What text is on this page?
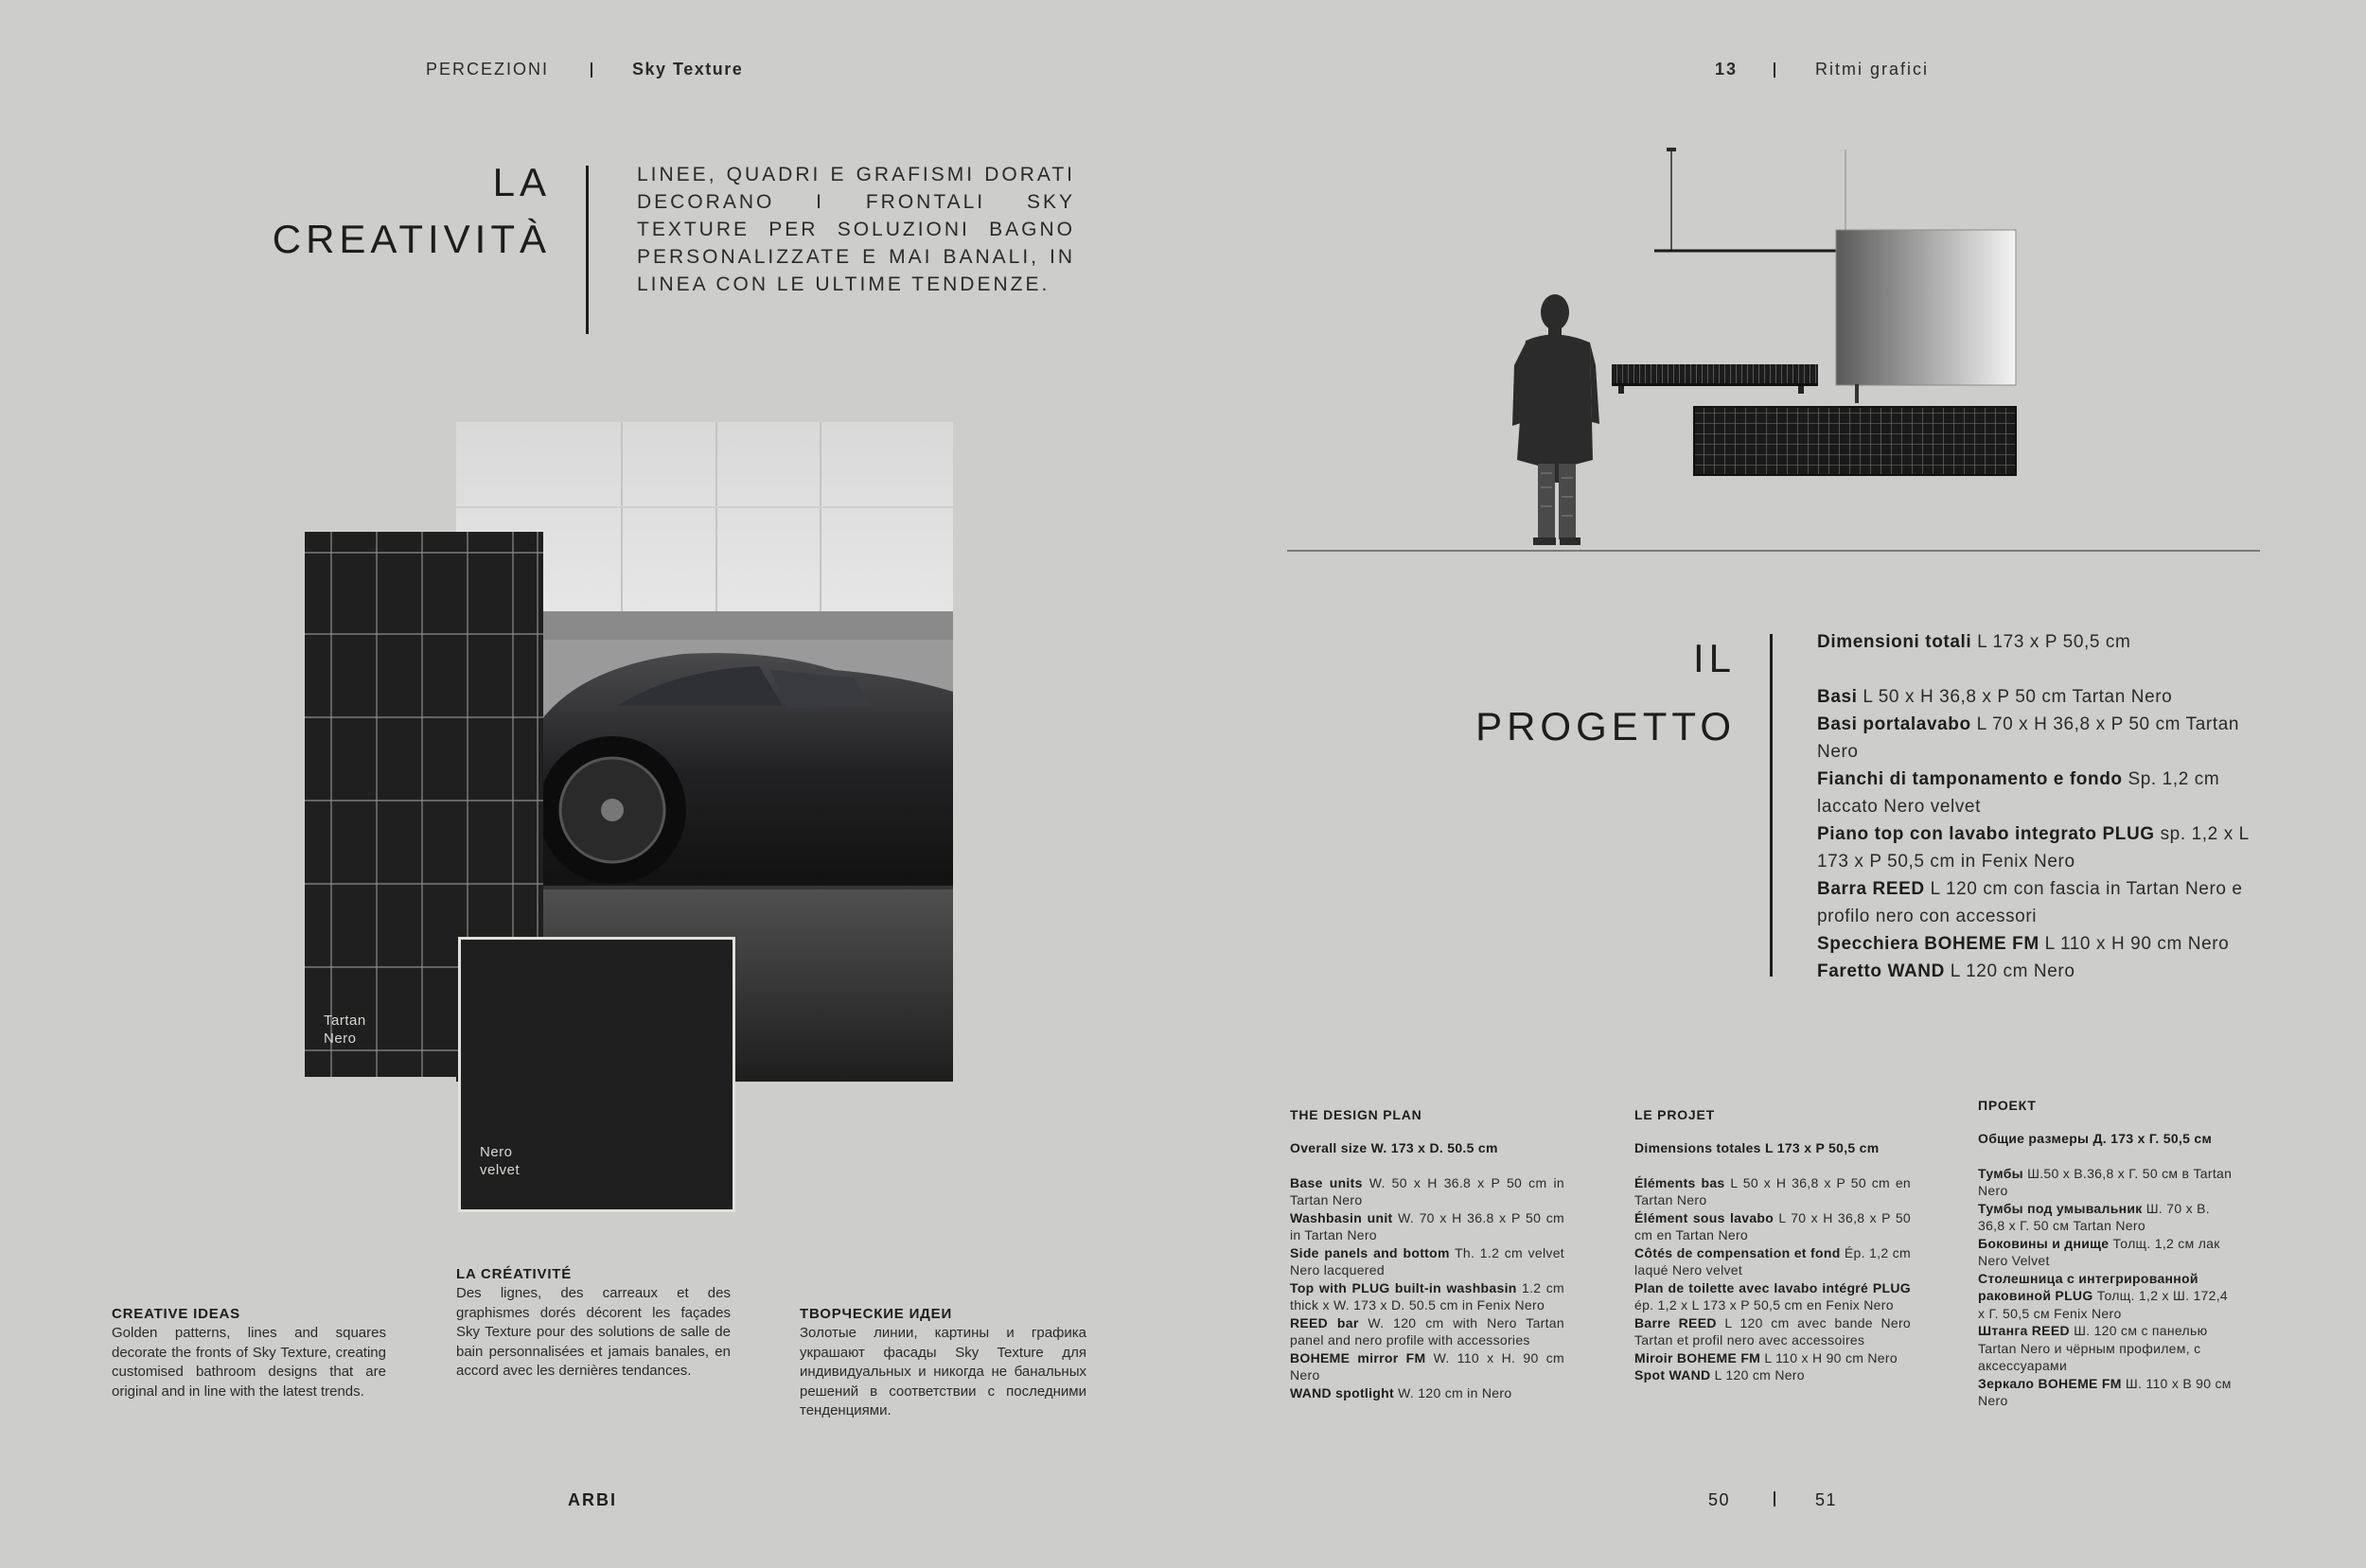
PERCEZIONI	Sky Texture	13	Ritmi grafici
LA
CREATIVITÀ
LINEE, QUADRI E GRAFISMI DORATI DECORANO I FRONTALI SKY TEXTURE PER SOLUZIONI BAGNO PERSONALIZZATE E MAI BANALI, IN LINEA CON LE ULTIME TENDENZE.
Tartan
Nero
Nero
velvet
CREATIVE IDEAS
Golden patterns, lines and squares decorate the fronts of Sky Texture, creating customised bathroom designs that are original and in line with the latest trends.
LA CRÉATIVITÉ
Des lignes, des carreaux et des graphismes dorés décorent les façades Sky Texture pour des solutions de salle de bain personnalisées et jamais banales, en accord avec les dernières tendances.
ТВОРЧЕСКИЕ ИДЕИ
Золотые линии, картины и графика украшают фасады Sky Texture для индивидуальных и никогда не банальных решений в соответствии с последними тенденциями.
ARBI
IL
PROGETTO
Dimensioni totali L 173 x P 50,5 cm
Basi L 50 x H 36,8 x P 50 cm Tartan Nero
Basi portalavabo L 70 x H 36,8 x P 50 cm Tartan Nero
Fianchi di tamponamento e fondo Sp. 1,2 cm laccato Nero velvet
Piano top con lavabo integrato PLUG sp. 1,2 x L 173 x P 50,5 cm in Fenix Nero
Barra REED L 120 cm con fascia in Tartan Nero e profilo nero con accessori
Specchiera BOHEME FM L 110 x H 90 cm Nero
Faretto WAND L 120 cm Nero
THE DESIGN PLAN
Overall size W. 173 x D. 50.5 cm
Base units W. 50 x H 36.8 x P 50 cm in Tartan Nero
Washbasin unit W. 70 x H 36.8 x P 50 cm in Tartan Nero
Side panels and bottom Th. 1.2 cm velvet Nero lacquered
Top with PLUG built-in washbasin 1.2 cm thick x W. 173 x D. 50.5 cm in Fenix Nero
REED bar W. 120 cm with Nero Tartan panel and nero profile with accessories
BOHEME mirror FM W. 110 x H. 90 cm Nero
WAND spotlight W. 120 cm in Nero
LE PROJET
Dimensions totales L 173 x P 50,5 cm
Éléments bas L 50 x H 36,8 x P 50 cm en Tartan Nero
Élément sous lavabo L 70 x H 36,8 x P 50 cm en Tartan Nero
Côtés de compensation et fond Ép. 1,2 cm laqué Nero velvet
Plan de toilette avec lavabo intégré PLUG ép. 1,2 x L 173 x P 50,5 cm en Fenix Nero
Barre REED L 120 cm avec bande Nero Tartan et profil nero avec accessoires
Miroir BOHEME FM L 110 x H 90 cm Nero
Spot WAND L 120 cm Nero
ПРОЕКТ
Общие размеры Д. 173 х Г. 50,5 см
Тумбы Ш.50 х В.36,8 х Г. 50 см в Tartan Nero
Тумбы под умывальник Ш. 70 х В. 36,8 х Г. 50 см Tartan Nero
Боковины и днище Толщ. 1,2 см лак Nero Velvet
Столешница с интегрированной раковиной PLUG Толщ. 1,2 х Ш. 172,4 х Г. 50,5 см Fenix Nero
Штанга REED Ш. 120 см с панелью Tartan Nero и чёрным профилем, с аксессуарами
Зеркало BOHEME FM Ш. 110 х В 90 см Nero
50	51
